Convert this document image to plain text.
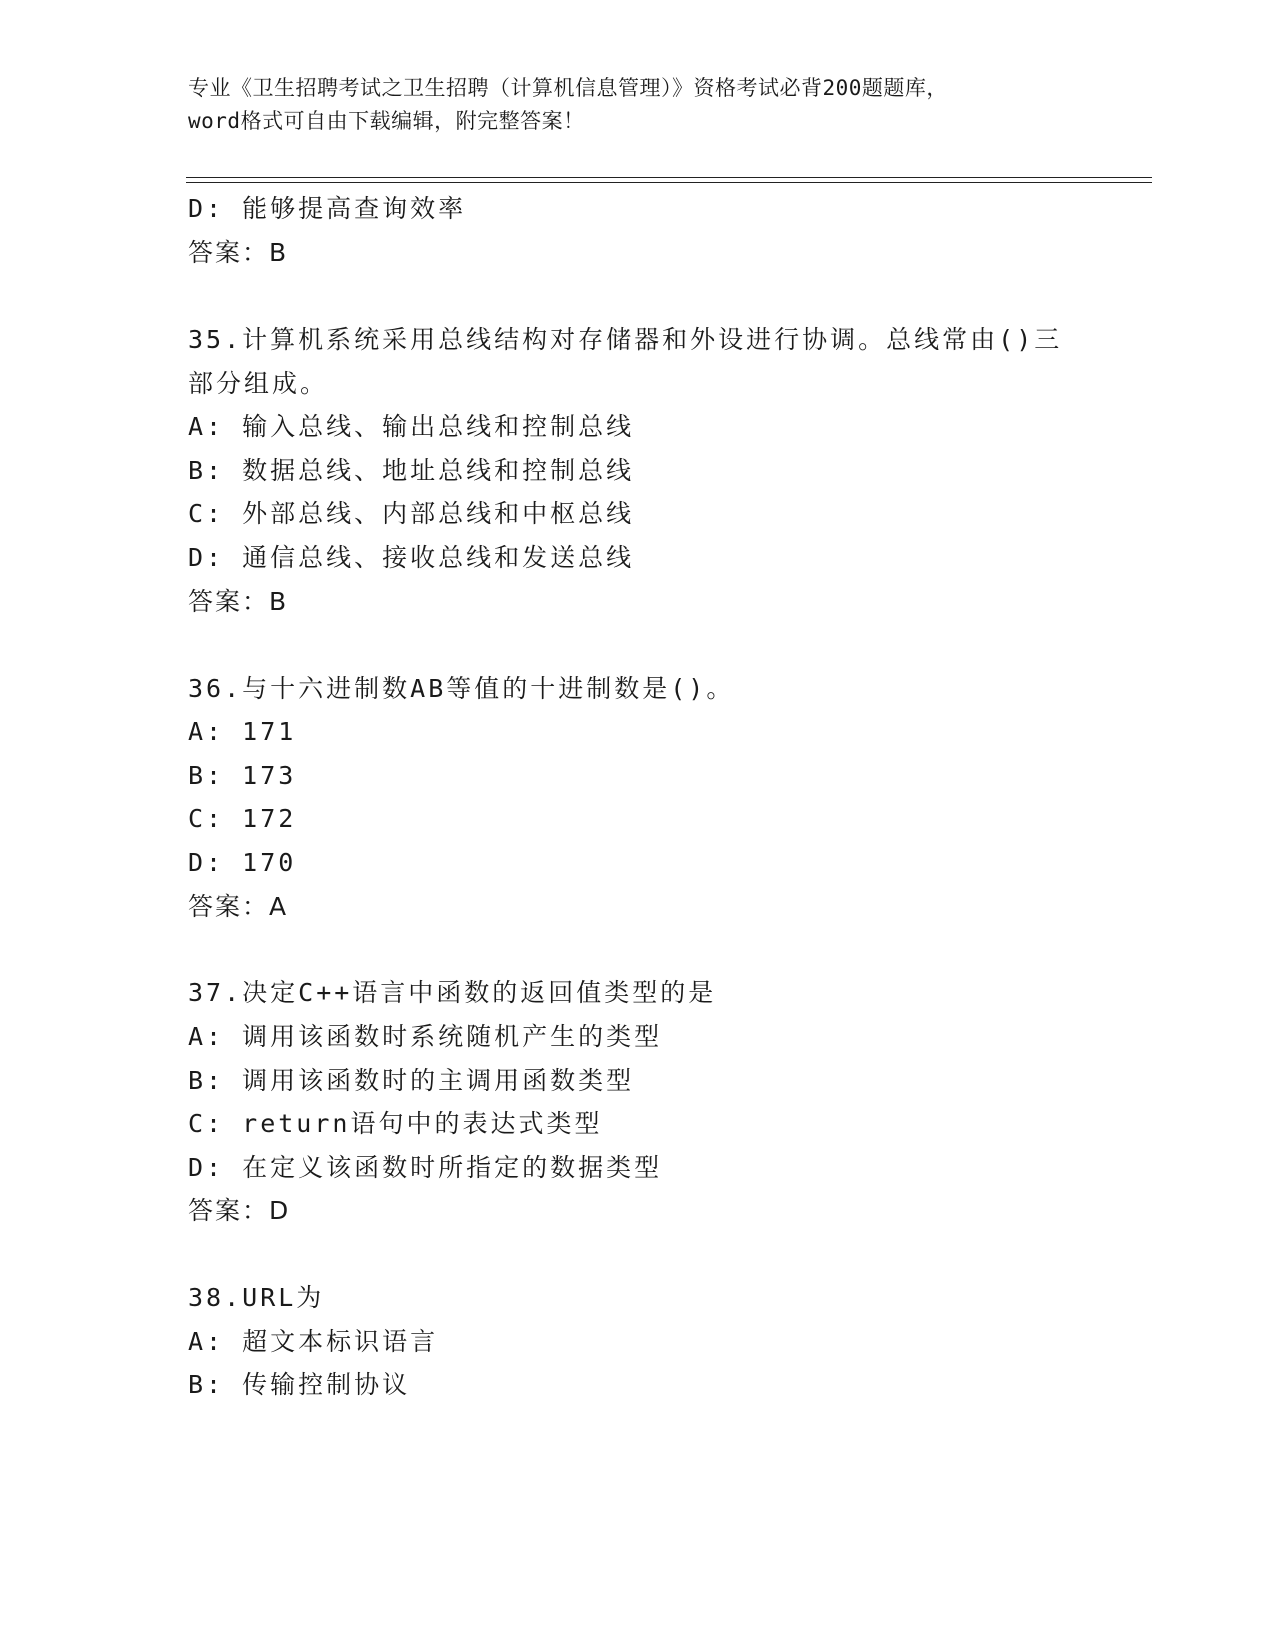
专业《卫生招聘考试之卫生招聘（计算机信息管理）》资格考试必背200题题库，
word格式可自由下载编辑，附完整答案！
D: 能够提高查询效率
答案：B
35.计算机系统采用总线结构对存储器和外设进行协调。总线常由()三
部分组成。
A: 输入总线、输出总线和控制总线
B: 数据总线、地址总线和控制总线
C: 外部总线、内部总线和中枢总线
D: 通信总线、接收总线和发送总线
答案：B
36.与十六进制数AB等值的十进制数是()。
A: 171
B: 173
C: 172
D: 170
答案：A
37.决定C++语言中函数的返回值类型的是
A: 调用该函数时系统随机产生的类型
B: 调用该函数时的主调用函数类型
C: return语句中的表达式类型
D: 在定义该函数时所指定的数据类型
答案：D
38.URL为
A: 超文本标识语言
B: 传输控制协议
